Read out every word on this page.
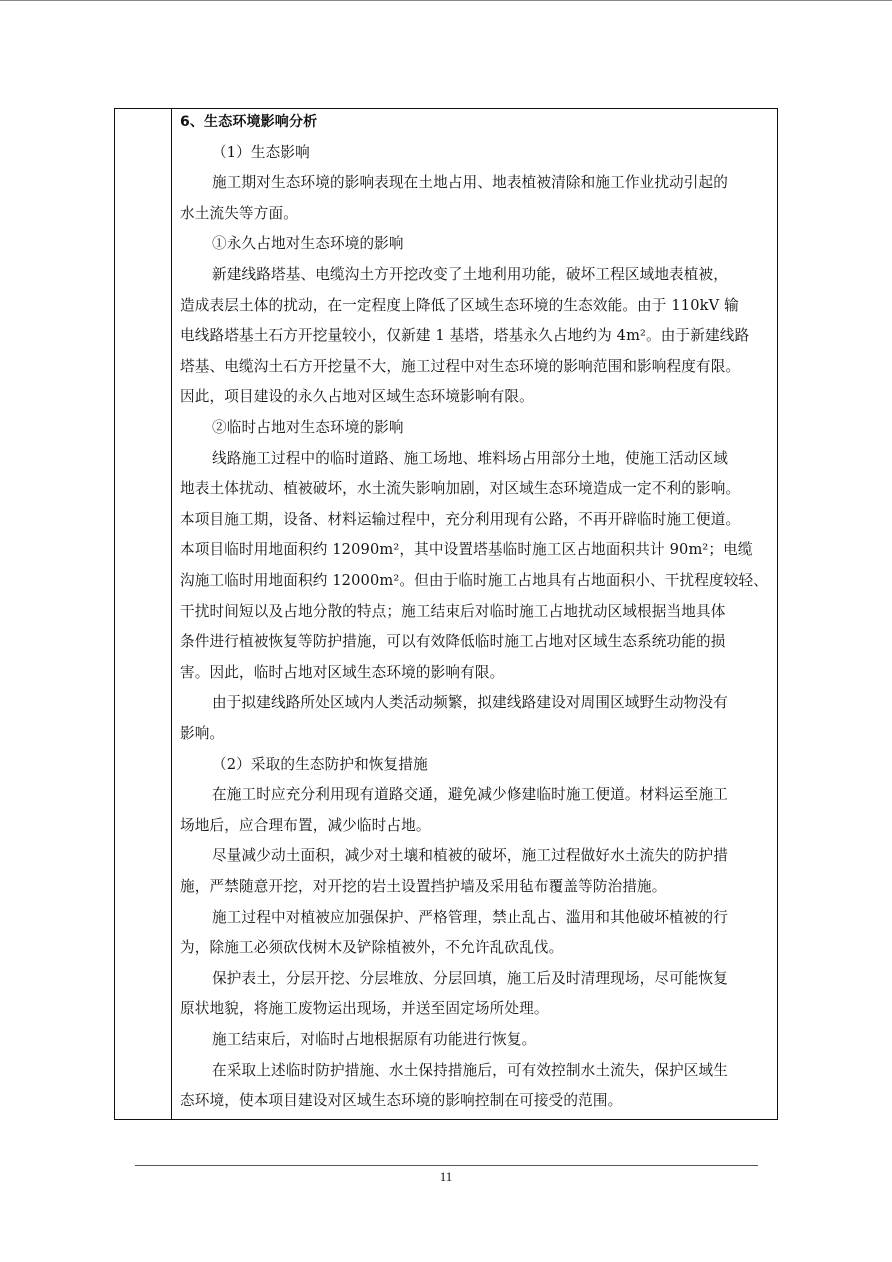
6、生态环境影响分析
（1）生态影响
施工期对生态环境的影响表现在土地占用、地表植被清除和施工作业扰动引起的
水土流失等方面。
①永久占地对生态环境的影响
新建线路塔基、电缆沟土方开挖改变了土地利用功能，破坏工程区域地表植被，
造成表层土体的扰动，在一定程度上降低了区域生态环境的生态效能。由于 110kV 输
电线路塔基土石方开挖量较小，仅新建 1 基塔，塔基永久占地约为 4m²。由于新建线路
塔基、电缆沟土石方开挖量不大，施工过程中对生态环境的影响范围和影响程度有限。
因此，项目建设的永久占地对区域生态环境影响有限。
②临时占地对生态环境的影响
线路施工过程中的临时道路、施工场地、堆料场占用部分土地，使施工活动区域
地表土体扰动、植被破坏，水土流失影响加剧，对区域生态环境造成一定不利的影响。
本项目施工期，设备、材料运输过程中，充分利用现有公路，不再开辟临时施工便道。
本项目临时用地面积约 12090m²，其中设置塔基临时施工区占地面积共计 90m²；电缆
沟施工临时用地面积约 12000m²。但由于临时施工占地具有占地面积小、干扰程度较轻、
干扰时间短以及占地分散的特点；施工结束后对临时施工占地扰动区域根据当地具体
条件进行植被恢复等防护措施，可以有效降低临时施工占地对区域生态系统功能的损
害。因此，临时占地对区域生态环境的影响有限。
由于拟建线路所处区域内人类活动频繁，拟建线路建设对周围区域野生动物没有
影响。
（2）采取的生态防护和恢复措施
在施工时应充分利用现有道路交通，避免减少修建临时施工便道。材料运至施工
场地后，应合理布置，减少临时占地。
尽量减少动土面积，减少对土壤和植被的破坏，施工过程做好水土流失的防护措
施，严禁随意开挖，对开挖的岩土设置挡护墙及采用毡布覆盖等防治措施。
施工过程中对植被应加强保护、严格管理，禁止乱占、滥用和其他破坏植被的行
为，除施工必须砍伐树木及铲除植被外，不允许乱砍乱伐。
保护表土，分层开挖、分层堆放、分层回填，施工后及时清理现场，尽可能恢复
原状地貌，将施工废物运出现场，并送至固定场所处理。
施工结束后，对临时占地根据原有功能进行恢复。
在采取上述临时防护措施、水土保持措施后，可有效控制水土流失，保护区域生
态环境，使本项目建设对区域生态环境的影响控制在可接受的范围。
11
